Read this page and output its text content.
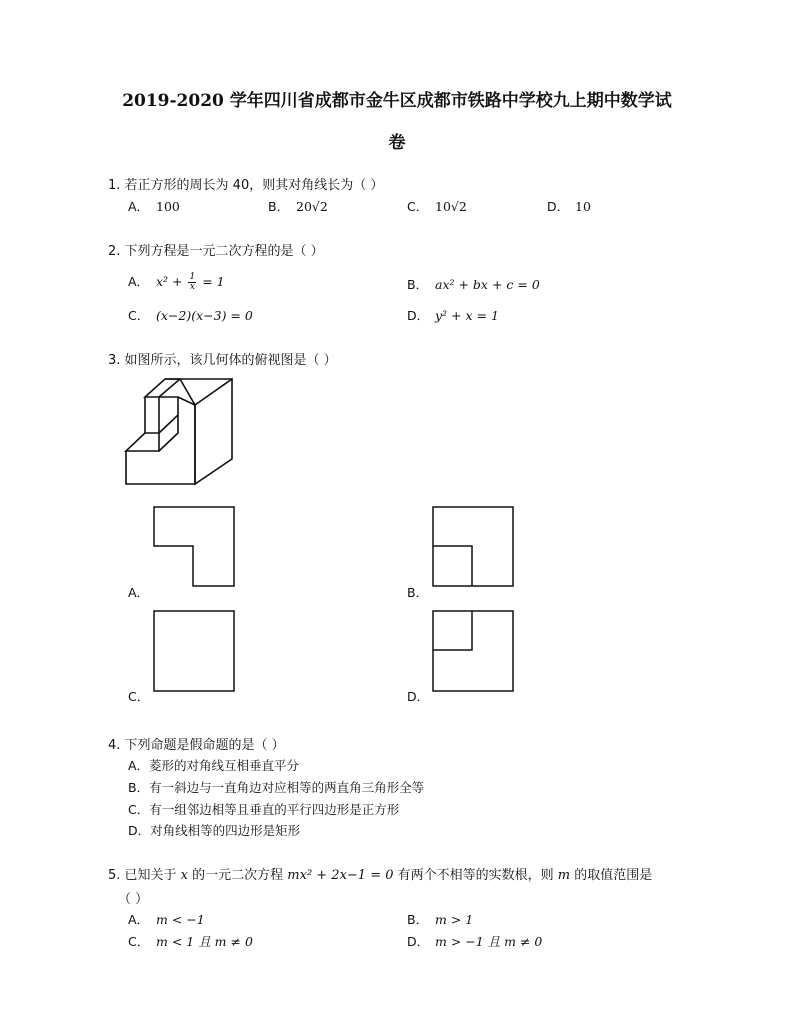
2019-2020 学年四川省成都市金牛区成都市铁路中学校九上期中数学试
卷
1. 若正方形的周长为 40，则其对角线长为（ ）
A． 100	B． 20√2	C． 10√2	D． 10
2. 下列方程是一元二次方程的是（ ）
A． $x^2 + \frac{1}{x} = 1$	B． ax² + bx + c = 0
C． (x−2)(x−3) = 0	D． y² + x = 1
3. 如图所示，该几何体的俯视图是（ ）
A．	B．
C．	D．
4. 下列命题是假命题的是（ ）
A．菱形的对角线互相垂直平分
B．有一斜边与一直角边对应相等的两直角三角形全等
C．有一组邻边相等且垂直的平行四边形是正方形
D．对角线相等的四边形是矩形
5. 已知关于 x 的一元二次方程 mx² + 2x−1 = 0 有两个不相等的实数根，则 m 的取值范围是
（ ）
A． m < −1	B． m > 1
C． m < 1 且 m ≠ 0	D． m > −1 且 m ≠ 0
